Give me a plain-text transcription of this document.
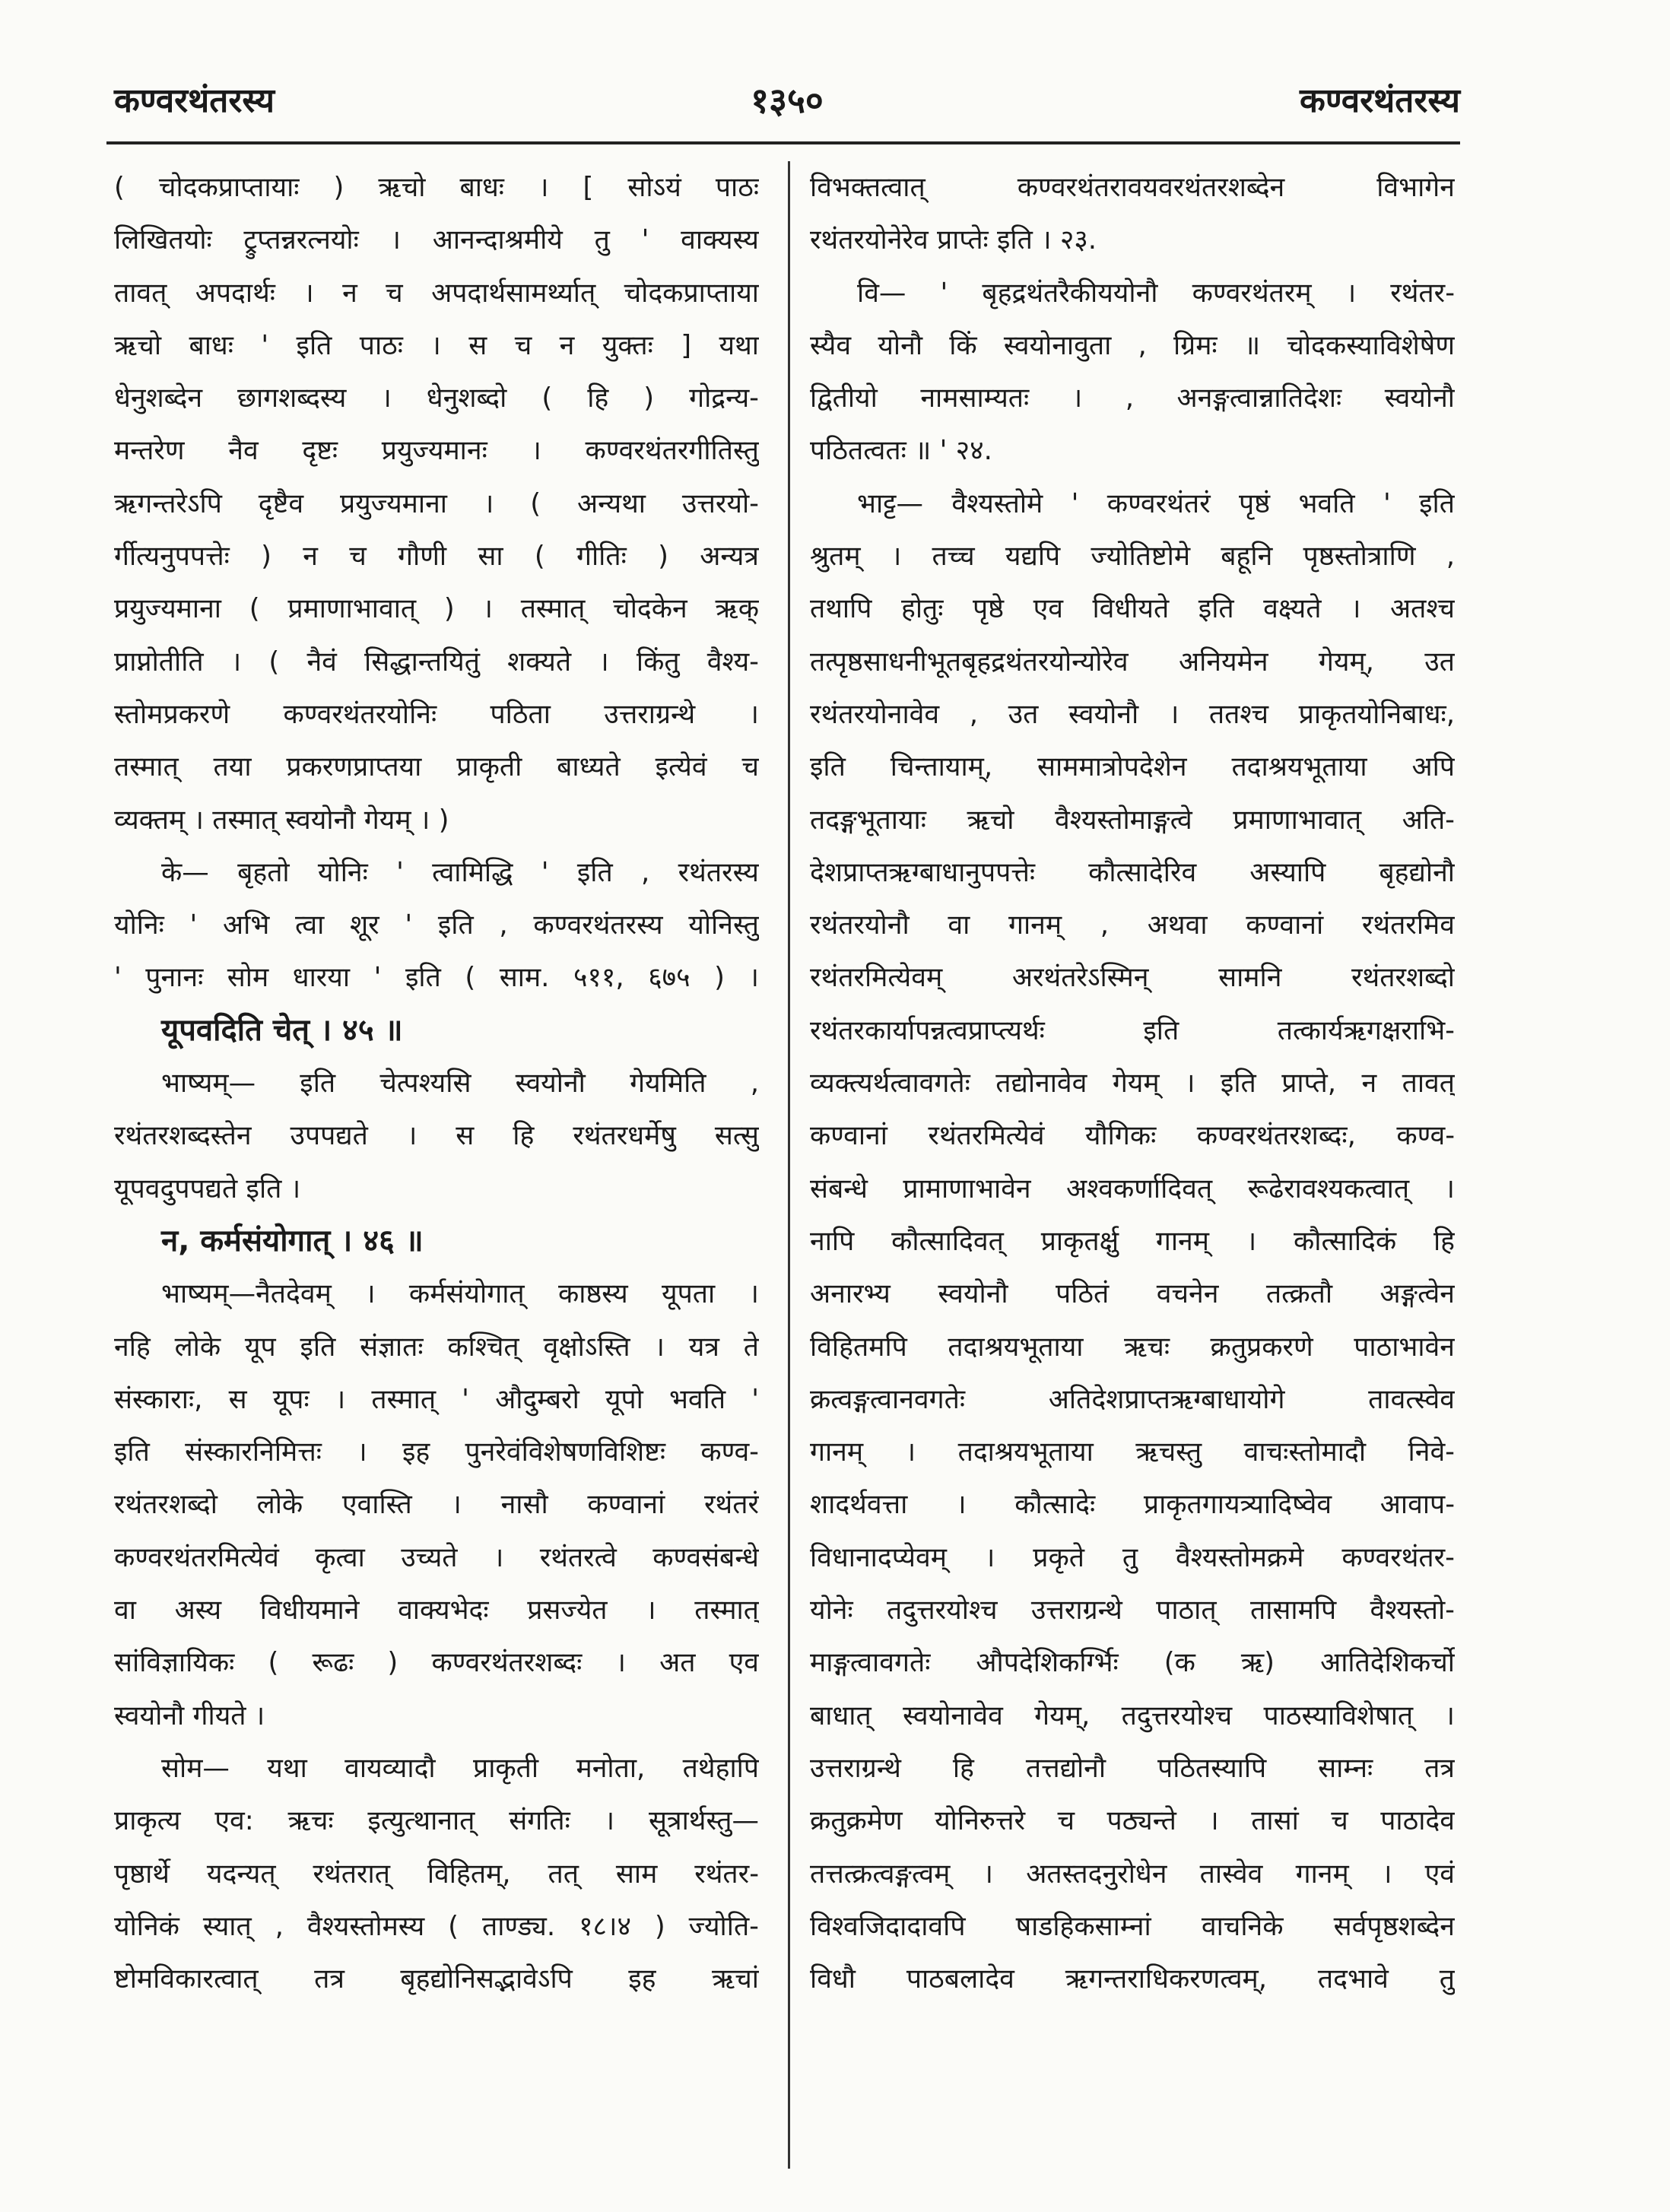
कण्वरथंतरस्य	१३५०	कण्वरथंतरस्य
( चोदकप्राप्तायाः ) ऋचो बाधः । [ सोऽयं पाठः
लिखितयोः ट्रुप्तन्नरत्नयोः । आनन्दाश्रमीये तु ' वाक्यस्य
तावत् अपदार्थः । न च अपदार्थसामर्थ्यात् चोदकप्राप्ताया
ऋचो बाधः ' इति पाठः । स च न युक्तः ] यथा
धेनुशब्देन छागशब्दस्य । धेनुशब्दो ( हि ) गोद्रन्य-
मन्तरेण नैव दृष्टः प्रयुज्यमानः । कण्वरथंतरगीतिस्तु
ऋगन्तरेऽपि दृष्टैव प्रयुज्यमाना । ( अन्यथा उत्तरयो-
र्गीत्यनुपपत्तेः ) न च गौणी सा ( गीतिः ) अन्यत्र
प्रयुज्यमाना ( प्रमाणाभावात् ) । तस्मात् चोदकेन ऋक्
प्राप्नोतीति । ( नैवं सिद्धान्तयितुं शक्यते । किंतु वैश्य-
स्तोमप्रकरणे कण्वरथंतरयोनिः पठिता उत्तराग्रन्थे ।
तस्मात् तया प्रकरणप्राप्तया प्राकृती बाध्यते इत्येवं च
व्यक्तम् । तस्मात् स्वयोनौ गेयम् । )
के— बृहतो योनिः ' त्वामिद्धि ' इति , रथंतरस्य
योनिः ' अभि त्वा शूर ' इति , कण्वरथंतरस्य योनिस्तु
' पुनानः सोम धारया ' इति ( साम. ५११, ६७५ ) ।
यूपवदिति चेत् । ४५ ॥
भाष्यम्— इति चेत्पश्यसि स्वयोनौ गेयमिति ,
रथंतरशब्दस्तेन उपपद्यते । स हि रथंतरधर्मेषु सत्सु
यूपवदुपपद्यते इति ।
न, कर्मसंयोगात् । ४६ ॥
भाष्यम्—नैतदेवम् । कर्मसंयोगात् काष्ठस्य यूपता ।
नहि लोके यूप इति संज्ञातः कश्चित् वृक्षोऽस्ति । यत्र ते
संस्काराः, स यूपः । तस्मात् ' औदुम्बरो यूपो भवति '
इति संस्कारनिमित्तः । इह पुनरेवंविशेषणविशिष्टः कण्व-
रथंतरशब्दो लोके एवास्ति । नासौ कण्वानां रथंतरं
कण्वरथंतरमित्येवं कृत्वा उच्यते । रथंतरत्वे कण्वसंबन्धे
वा अस्य विधीयमाने वाक्यभेदः प्रसज्येत । तस्मात्
सांविज्ञायिकः ( रूढः ) कण्वरथंतरशब्दः । अत एव
स्वयोनौ गीयते ।
सोम— यथा वायव्यादौ प्राकृती मनोता, तथेहापि
प्राकृत्य एव: ऋचः इत्युत्थानात् संगतिः । सूत्रार्थस्तु—
पृष्ठार्थे यदन्यत् रथंतरात् विहितम्, तत् साम रथंतर-
योनिकं स्यात् , वैश्यस्तोमस्य ( ताण्ड्य. १८।४ ) ज्योति-
ष्टोमविकारत्वात् तत्र बृहद्योनिसद्भावेऽपि इह ऋचां
विभक्तत्वात् कण्वरथंतरावयवरथंतरशब्देन विभागेन
रथंतरयोनेरेव प्राप्तेः इति । २३.
वि— ' बृहद्रथंतरैकीययोनौ कण्वरथंतरम् । रथंतर-
स्यैव योनौ किं स्वयोनावुता , ग्रिमः ॥ चोदकस्याविशेषेण
द्वितीयो नामसाम्यतः । , अनङ्गत्वान्नातिदेशः स्वयोनौ
पठितत्वतः ॥ ' २४.
भाट्ट— वैश्यस्तोमे ' कण्वरथंतरं पृष्ठं भवति ' इति
श्रुतम् । तच्च यद्यपि ज्योतिष्टोमे बहूनि पृष्ठस्तोत्राणि ,
तथापि होतुः पृष्ठे एव विधीयते इति वक्ष्यते । अतश्च
तत्पृष्ठसाधनीभूतबृहद्रथंतरयोन्योरेव अनियमेन गेयम्, उत
रथंतरयोनावेव , उत स्वयोनौ । ततश्च प्राकृतयोनिबाधः,
इति चिन्तायाम्, साममात्रोपदेशेन तदाश्रयभूताया अपि
तदङ्गभूतायाः ऋचो वैश्यस्तोमाङ्गत्वे प्रमाणाभावात् अति-
देशप्राप्तऋग्बाधानुपपत्तेः कौत्सादेरिव अस्यापि बृहद्योनौ
रथंतरयोनौ वा गानम् , अथवा कण्वानां रथंतरमिव
रथंतरमित्येवम् अरथंतरेऽस्मिन् सामनि रथंतरशब्दो
रथंतरकार्यापन्नत्वप्राप्त्यर्थः इति तत्कार्यऋगक्षराभि-
व्यक्त्यर्थत्वावगतेः तद्योनावेव गेयम् । इति प्राप्ते, न तावत्
कण्वानां रथंतरमित्येवं यौगिकः कण्वरथंतरशब्दः, कण्व-
संबन्धे प्रामाणाभावेन अश्वकर्णादिवत् रूढेरावश्यकत्वात् ।
नापि कौत्सादिवत् प्राकृतर्क्षु गानम् । कौत्सादिकं हि
अनारभ्य स्वयोनौ पठितं वचनेन तत्क्रतौ अङ्गत्वेन
विहितमपि तदाश्रयभूताया ऋचः क्रतुप्रकरणे पाठाभावेन
क्रत्वङ्गत्वानवगतेः अतिदेशप्राप्तऋग्बाधायोगे तावत्स्वेव
गानम् । तदाश्रयभूताया ऋचस्तु वाचःस्तोमादौ निवे-
शादर्थवत्ता । कौत्सादेः प्राकृतगायत्र्यादिष्वेव आवाप-
विधानादप्येवम् । प्रकृते तु वैश्यस्तोमक्रमे कण्वरथंतर-
योनेः तदुत्तरयोश्च उत्तराग्रन्थे पाठात् तासामपि वैश्यस्तो-
माङ्गत्वावगतेः औपदेशिकर्ग्भिः (क ऋ) आतिदेशिकर्चो
बाधात् स्वयोनावेव गेयम्, तदुत्तरयोश्च पाठस्याविशेषात् ।
उत्तराग्रन्थे हि तत्तद्योनौ पठितस्यापि साम्नः तत्र
क्रतुक्रमेण योनिरुत्तरे च पठ्यन्ते । तासां च पाठादेव
तत्तत्क्रत्वङ्गत्वम् । अतस्तदनुरोधेन तास्वेव गानम् । एवं
विश्वजिदादावपि षाडहिकसाम्नां वाचनिके सर्वपृष्ठशब्देन
विधौ पाठबलादेव ऋगन्तराधिकरणत्वम्, तदभावे तु
